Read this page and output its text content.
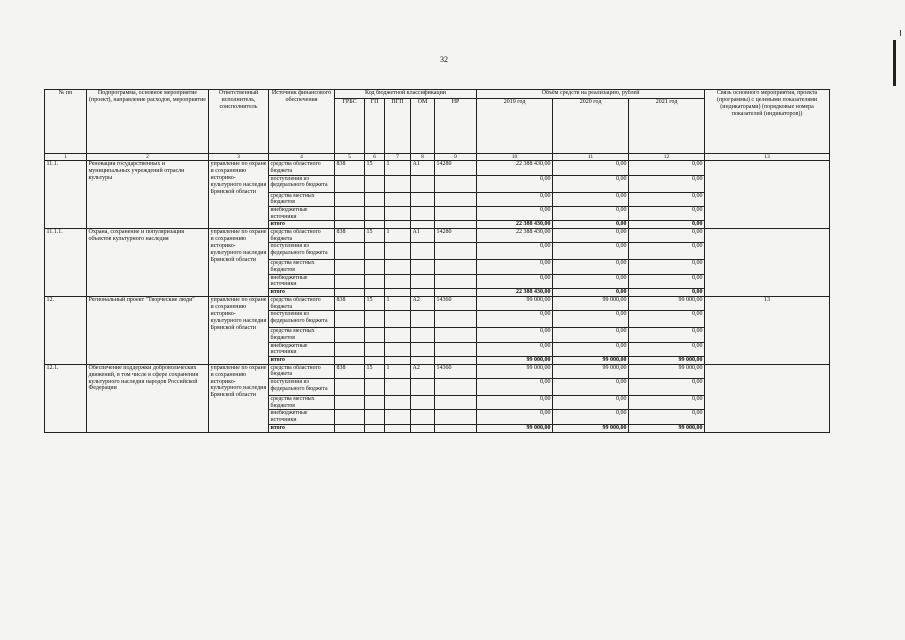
32
№ пп	Подпрограмма, основное мероприятие (проект), направление расходов, мероприятие	Ответственный исполнитель, соисполнитель	Источник финансового обеспечения	Код бюджетной классификации					Объём средств на реализацию, рублей			Связь основного мероприятия, проекта (программы) с целевыми показателями (индикаторами) (порядковые номера показателей (индикаторов))
				ГРБС	ГП	ПГП	ОМ	НР	2019 год	2020 год	2021 год	
1	2	3	4	5	6	7	8	9	10	11	12	13
11.1.	Реновация государственных и муниципальных учреждений отрасли культуры	управление по охране и сохранению историко-культурного наследия Брянской области	средства областного бюджета	838	15	1	А1	14280	22 388 430,00	0,00	0,00	
			поступления из федерального бюджета						0,00	0,00	0,00	
			средства местных бюджетов						0,00	0,00	0,00	
			внебюджетные источники						0,00	0,00	0,00	
			итого						22 388 430,00	0,00	0,00	
11.1.1.	Охрана, сохранение и популяризация объектов культурного наследия	управление по охране и сохранению историко-культурного наследия Брянской области	средства областного бюджета	838	15	1	А1	14280	22 388 430,00	0,00	0,00	
			поступления из федерального бюджета						0,00	0,00	0,00	
			средства местных бюджетов						0,00	0,00	0,00	
			внебюджетные источники						0,00	0,00	0,00	
			итого						22 388 430,00	0,00	0,00	
12.	Региональный проект "Творческие люди"	управление по охране и сохранению историко-культурного наследия Брянской области	средства областного бюджета	838	15	1	А2	14360	99 000,00	99 000,00	99 000,00	13
			поступления из федерального бюджета						0,00	0,00	0,00	
			средства местных бюджетов						0,00	0,00	0,00	
			внебюджетные источники						0,00	0,00	0,00	
			итого						99 000,00	99 000,00	99 000,00	
12.1.	Обеспечение поддержки добровольческих движений, в том числе в сфере сохранения культурного наследия народов Российской Федерации	управление по охране и сохранению историко-культурного наследия Брянской области	средства областного бюджета	838	15	1	А2	14360	99 000,00	99 000,00	99 000,00	
			поступления из федерального бюджета						0,00	0,00	0,00	
			средства местных бюджетов						0,00	0,00	0,00	
			внебюджетные источники						0,00	0,00	0,00	
			итого						99 000,00	99 000,00	99 000,00	
